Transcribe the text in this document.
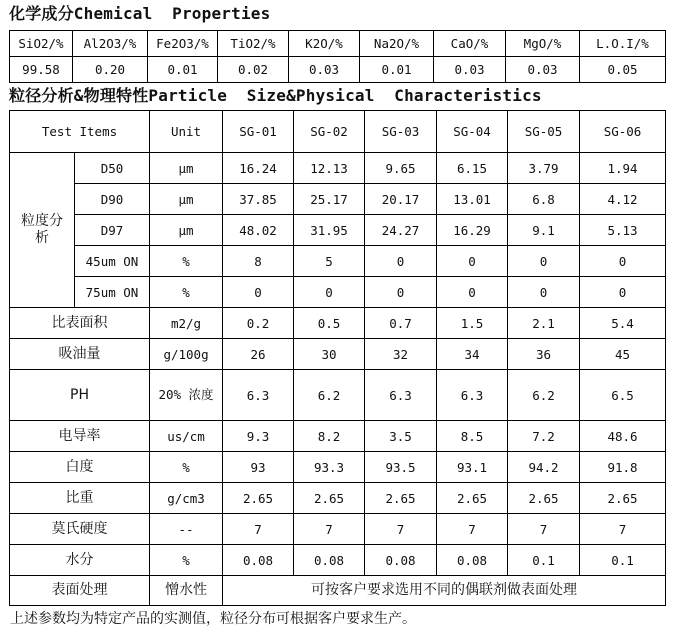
化学成分Chemical  Properties
SiO2/%	Al2O3/%	Fe2O3/%	TiO2/%	K2O/%	Na2O/%	CaO/%	MgO/%	L.O.I/%
99.58	0.20	0.01	0.02	0.03	0.01	0.03	0.03	0.05
粒径分析&物理特性Particle  Size&Physical  Characteristics
Test Items		Unit	SG-01	SG-02	SG-03	SG-04	SG-05	SG-06
粒度分析	D50	μm	16.24	12.13	9.65	6.15	3.79	1.94
	D90	μm	37.85	25.17	20.17	13.01	6.8	4.12
	D97	μm	48.02	31.95	24.27	16.29	9.1	5.13
	45um ON	%	8	5	0	0	0	0
	75um ON	%	0	0	0	0	0	0
比表面积		m2/g	0.2	0.5	0.7	1.5	2.1	5.4
吸油量		g/100g	26	30	32	34	36	45
PH		20% 浓度	6.3	6.2	6.3	6.3	6.2	6.5
电导率		us/cm	9.3	8.2	3.5	8.5	7.2	48.6
白度		%	93	93.3	93.5	93.1	94.2	91.8
比重		g/cm3	2.65	2.65	2.65	2.65	2.65	2.65
莫氏硬度		--	7	7	7	7	7	7
水分		%	0.08	0.08	0.08	0.08	0.1	0.1
表面处理		憎水性	可按客户要求选用不同的偶联剂做表面处理					
上述参数均为特定产品的实测值，粒径分布可根据客户要求生产。
